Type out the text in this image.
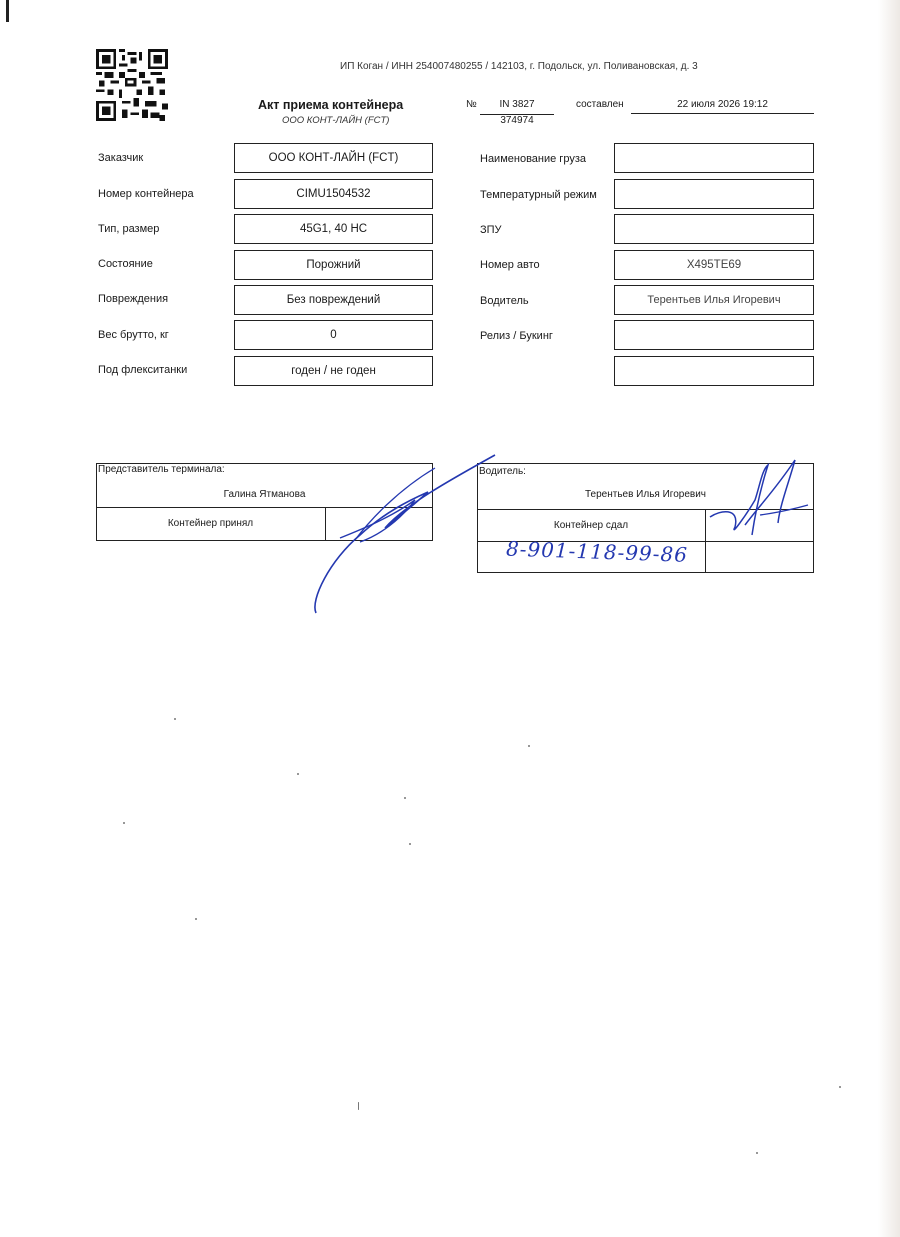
ИП Коган / ИНН 254007480255 / 142103, г. Подольск, ул. Поливановская, д. 3
Акт приема контейнера
ООО КОНТ-ЛАЙН (FCT)
№	IN 3827
374974
составлен	22 июля 2026 19:12
Заказчик	ООО КОНТ-ЛАЙН (FCT)
Номер контейнера	CIMU1504532
Тип, размер	45G1, 40 HC
Состояние	Порожний
Повреждения	Без повреждений
Вес брутто, кг	0
Под флекситанки	годен / не годен
Наименование груза
Температурный режим
ЗПУ
Номер авто	Х495ТЕ69
Водитель	Терентьев Илья Игоревич
Релиз / Букинг
Представитель терминала:
Галина Ятманова
Контейнер принял
Водитель:
Терентьев Илья Игоревич
Контейнер сдал
8-901-118-99-86
